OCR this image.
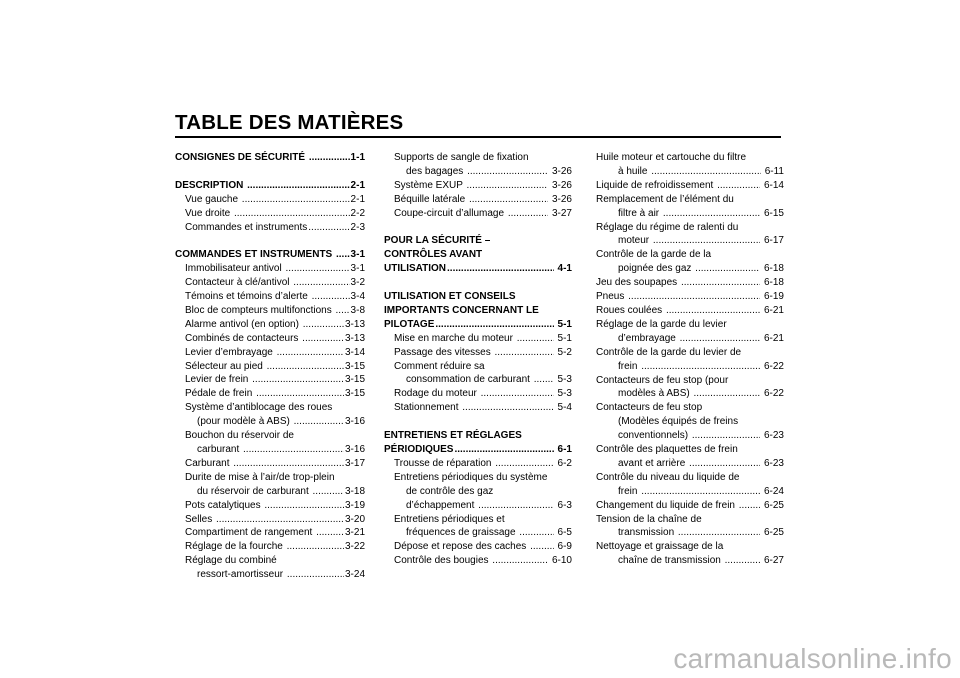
TABLE DES MATIÈRES
CONSIGNES DE SÉCURITÉ .....	1-1
DESCRIPTION .....	2-1
Vue gauche .....	2-1
Vue droite .....	2-2
Commandes et instruments .....	2-3
COMMANDES ET INSTRUMENTS ..... 3-1
Immobilisateur antivol .....	3-1
Contacteur à clé/antivol .....	3-2
Témoins et témoins d’alerte .....	3-4
Bloc de compteurs multifonctions ..... 3-8
Alarme antivol (en option) .....	3-13
Combinés de contacteurs .....	3-13
Levier d’embrayage .....	3-14
Sélecteur au pied .....	3-15
Levier de frein .....	3-15
Pédale de frein .....	3-15
Système d’antiblocage des roues
(pour modèle à ABS) .....	3-16
Bouchon du réservoir de
carburant .....	3-16
Carburant .....	3-17
Durite de mise à l’air/de trop-plein
du réservoir de carburant .....	3-18
Pots catalytiques .....	3-19
Selles .....	3-20
Compartiment de rangement .....	3-21
Réglage de la fourche .....	3-22
Réglage du combiné
ressort-amortisseur .....	3-24
Supports de sangle de fixation
des bagages .....	3-26
Système EXUP .....	3-26
Béquille latérale .....	3-26
Coupe-circuit d’allumage .....	3-27
POUR LA SÉCURITÉ –
CONTRÔLES AVANT
UTILISATION .....	4-1
UTILISATION ET CONSEILS
IMPORTANTS CONCERNANT LE
PILOTAGE .....	5-1
Mise en marche du moteur .....	5-1
Passage des vitesses .....	5-2
Comment réduire sa
consommation de carburant ..... 5-3
Rodage du moteur .....	5-3
Stationnement .....	5-4
ENTRETIENS ET RÉGLAGES
PÉRIODIQUES .....	6-1
Trousse de réparation .....	6-2
Entretiens périodiques du système
de contrôle des gaz
d’échappement .....	6-3
Entretiens périodiques et
fréquences de graissage .....	6-5
Dépose et repose des caches .....	6-9
Contrôle des bougies .....	6-10
Huile moteur et cartouche du filtre
à huile .....	6-11
Liquide de refroidissement .....	6-14
Remplacement de l’élément du
filtre à air .....	6-15
Réglage du régime de ralenti du
moteur .....	6-17
Contrôle de la garde de la
poignée des gaz .....	6-18
Jeu des soupapes .....	6-18
Pneus .....	6-19
Roues coulées .....	6-21
Réglage de la garde du levier
d’embrayage .....	6-21
Contrôle de la garde du levier de
frein .....	6-22
Contacteurs de feu stop (pour
modèles à ABS) .....	6-22
Contacteurs de feu stop
(Modèles équipés de freins
conventionnels) .....	6-23
Contrôle des plaquettes de frein
avant et arrière .....	6-23
Contrôle du niveau du liquide de
frein .....	6-24
Changement du liquide de frein ..... 6-25
Tension de la chaîne de
transmission .....	6-25
Nettoyage et graissage de la
chaîne de transmission .....	6-27
carmanualsonline.info
